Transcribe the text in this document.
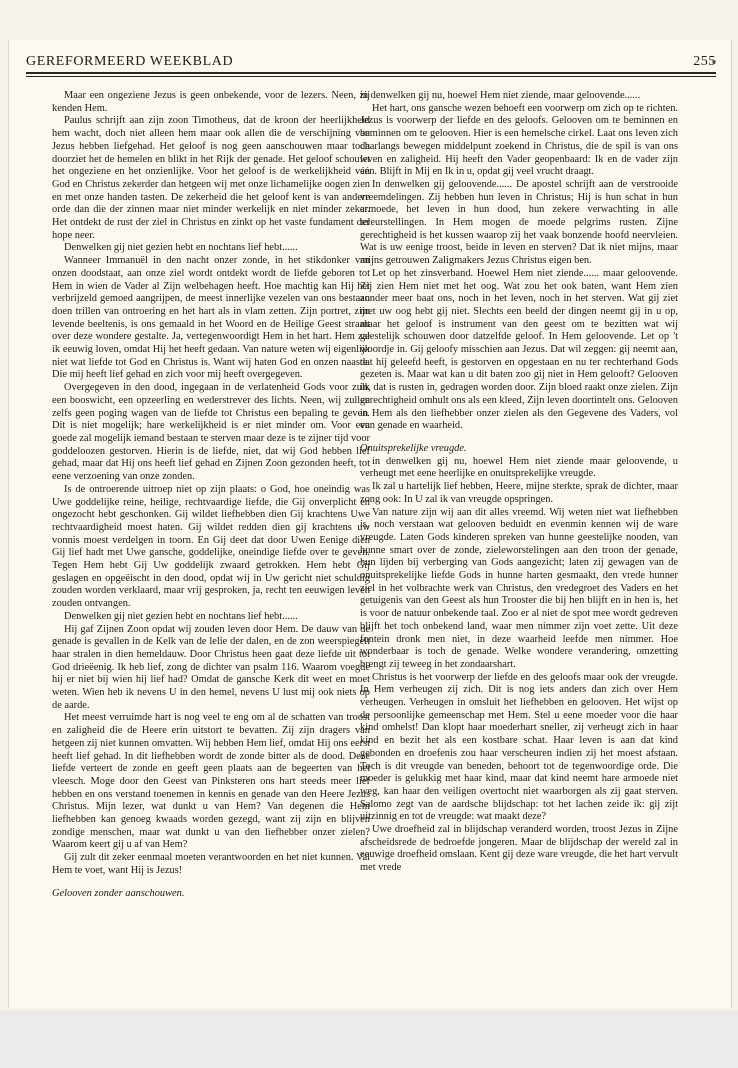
GEREFORMEERD WEEKBLAD	255

Maar een ongeziene Jezus is geen onbekende, voor de lezers. Neen, zij kenden Hem.

Paulus schrijft aan zijn zoon Timotheus, dat de kroon der heerlijkheid hem wacht, doch niet alleen hem maar ook allen die de verschijning van Jezus hebben liefgehad. Het geloof is nog geen aanschouwen maar toch doorziet het de hemelen en blikt in het Rijk der genade. Het geloof schouwt het ongeziene en het onzienlijke. Voor het geloof is de werkelijkheid van God en Christus zekerder dan hetgeen wij met onze lichamelijke oogen zien en met onze handen tasten. De zekerheid die het geloof kent is van andere orde dan die der zinnen maar niet minder werkelijk en niet minder zeker. Het ontdekt de rust der ziel in Christus en zinkt op het vaste fundament der hope neer.

Denwelken gij niet gezien hebt en nochtans lief hebt......

Wanneer Immanuël in den nacht onzer zonde, in het stikdonker van onzen doodstaat, aan onze ziel wordt ontdekt wordt de liefde geboren tot Hem in wien de Vader al Zijn welbehagen heeft. Hoe machtig kan Hij het verbrijzeld gemoed aangrijpen, de meest innerlijke vezelen van ons bestaan doen trillen van ontroering en het hart als in vlam zetten. Zijn portret, zijn levende beeltenis, is ons gemaald in het Woord en de Heilige Geest straalt over deze wondere gestalte. Ja, vertegenwoordigt Hem in het hart. Hem zal ik eeuwig loven, omdat Hij het heeft gedaan. Van nature weten wij eigenlijk niet wat liefde tot God en Christus is. Want wij haten God en onzen naaste. Die mij heeft lief gehad en zich voor mij heeft overgegeven.

Overgegeven in den dood, ingegaan in de verlatenheid Gods voor zulk een booswicht, een opzeerling en wederstrever des lichts. Neen, wij zullen zelfs geen poging wagen van de liefde tot Christus een bepaling te geven. Dit is niet mogelijk; hare werkelijkheid is er niet minder om. Voor een goede zal mogelijk iemand bestaan te sterven maar deze is te zijner tijd voor goddeloozen gestorven. Hierin is de liefde, niet, dat wij God hebben lief gehad, maar dat Hij ons heeft lief gehad en Zijnen Zoon gezonden heeft, tot eene verzoening van onze zonden.

Is de ontroerende uitroep niet op zijn plaats: o God, hoe oneindig was Uwe goddelijke reine, heilige, rechtvaardige liefde, die Gij onverplicht en ongezocht hebt geschonken. Gij wildet liefhebben dien Gij krachtens Uwe rechtvaardigheid moest haten. Gij wildet redden dien gij krachtens uw vonnis moest verdelgen in toorn. En Gij deet dat door Uwen Eenige dien Gij lief hadt met Uwe gansche, goddelijke, oneindige liefde over te geven. Tegen Hem hebt Gij Uw goddelijk zwaard getrokken. Hem hebt Gij geslagen en opgeëischt in den dood, opdat wij in Uw gericht niet schuldig zouden worden verklaard, maar vrij gesproken, ja, recht ten eeuwigen leven zouden ontvangen.

Denwelken gij niet gezien hebt en nochtans lief hebt......

Hij gaf Zijnen Zoon opdat wij zouden leven door Hem. De dauw van de genade is gevallen in de Kelk van de lelie der dalen, en de zon weerspiegelt haar stralen in dien hemeldauw. Door Christus heen gaat deze liefde uit tot God drieëenig. Ik heb lief, zong de dichter van psalm 116. Waarom voegde hij er niet bij wien hij lief had? Omdat de gansche Kerk dit weet en moet weten. Wien heb ik nevens U in den hemel, nevens U lust mij ook niets op de aarde.

Het meest verruimde hart is nog veel te eng om al de schatten van troost en zaligheid die de Heere erin uitstort te bevatten. Zij zijn dragers van hetgeen zij niet kunnen omvatten. Wij hebben Hem lief, omdat Hij ons eerst heeft lief gehad. In dit liefhebben wordt de zonde bitter als de dood. Deze liefde verteert de zonde en geeft geen plaats aan de begeerten van het vleesch. Moge door den Geest van Pinksteren ons hart steeds meer lief hebben en ons verstand toenemen in kennis en genade van den Heere Jezus Christus. Mijn lezer, wat dunkt u van Hem? Van degenen die Hem liefhebben kan genoeg kwaads worden gezegd, want zij zijn en blijven zondige menschen, maar wat dunkt u van den liefhebber onzer zielen? Waarom keert gij u af van Hem?

Gij zult dit zeker eenmaal moeten verantwoorden en het niet kunnen. Val Hem te voet, want Hij is Jezus!

Gelooven zonder aanschouwen.

in denwelken gij nu, hoewel Hem niet ziende, maar geloovende......

Het hart, ons gansche wezen behoeft een voorwerp om zich op te richten. Jezus is voorwerp der liefde en des geloofs. Gelooven om te beminnen en beminnen om te gelooven. Hier is een hemelsche cirkel. Laat ons leven zich daarlangs bewegen middelpunt zoekend in Christus, die de spil is van ons leven en zaligheid. Hij heeft den Vader geopenbaard: Ik en de vader zijn één. Blijft in Mij en Ik in u, opdat gij veel vrucht draagt.

In denwelken gij geloovende...... De apostel schrijft aan de verstrooide vreemdelingen. Zij hebben hun leven in Christus; Hij is hun schat in hun armoede, het leven in hun dood, hun zekere verwachting in alle teleurstellingen. In Hem mogen de moede pelgrims rusten. Zijne gerechtigheid is het kussen waarop zij het vaak bonzende hoofd neervleien. Wat is uw eenige troost, beide in leven en sterven? Dat ik niet mijns, maar mijns getrouwen Zaligmakers Jezus Christus eigen ben.

Let op het zinsverband. Hoewel Hem niet ziende...... maar geloovende. Zij zien Hem niet met het oog. Wat zou het ook baten, want Hem zien zonder meer baat ons, noch in het leven, noch in het sterven. Wat gij ziet met uw oog hebt gij niet. Slechts een beeld der dingen neemt gij in u op, maar het geloof is instrument van den geest om te bezitten wat wij geestelijk schouwen door datzelfde geloof. In Hem geloovende. Let op 't woordje in. Gij geloofy misschien aan Jezus. Dat wil zeggen: gij neemt aan, dat hij geleefd heeft, is gestorven en opgestaan en nu ter rechterhand Gods gezeten is. Maar wat kan u dit baten zoo gij niet in Hem gelooft? Gelooven in, dat is rusten in, gedragen worden door. Zijn bloed raakt onze zielen. Zijn gerechtigheid omhult ons als een kleed, Zijn leven doortintelt ons. Gelooven in Hem als den liefhebber onzer zielen als den Gegevene des Vaders, vol van genade en waarheid.

Onuitsprekelijke vreugde.

in denwelken gij nu, hoewel Hem niet ziende maar geloovende, u verheugt met eene heerlijke en onuitsprekelijke vreugde.

Ik zal u hartelijk lief hebben, Heere, mijne sterkte, sprak de dichter, maar zong ook: In U zal ik van vreugde opspringen.

Van nature zijn wij aan dit alles vreemd. Wij weten niet wat liefhebben is, noch verstaan wat gelooven beduidt en evenmin kennen wij de ware vreugde. Laten Gods kinderen spreken van hunne geestelijke nooden, van hunne smart over de zonde, zieleworstelingen aan den troon der genade, hun lijden bij verberging van Gods aangezicht; laten zij gewagen van de onuitsprekelijke liefde Gods in hunne harten gesmaakt, den vrede hunner ziel in het volbrachte werk van Christus, den vredegroet des Vaders en het getuigenis van den Geest als hun Trooster die bij hen blijft en in hen is, het is voor de natuur onbekende taal. Zoo er al niet de spot mee wordt gedreven blijft het toch onbekend land, waar men nimmer zijn voet zette. Uit deze fontein dronk men niet, in deze waarheid leefde men nimmer. Hoe wonderbaar is toch de genade. Welke wondere verandering, omzetting brengt zij teweeg in het zondaarshart.

Christus is het voorwerp der liefde en des geloofs maar ook der vreugde. In Hem verheugen zij zich. Dit is nog iets anders dan zich over Hem verheugen. Verheugen in omsluit het liefhebben en gelooven. Het wijst op de persoonlijke gemeenschap met Hem. Stel u eene moeder voor die haar kind omhelst! Dan klopt haar moederhart sneller, zij verheugt zich in haar kind en bezit het als een kostbare schat. Haar leven is aan dat kind gebonden en droefenis zou haar verscheuren indien zij het moest afstaan. Toch is dit vreugde van beneden, behoort tot de tegenwoordige orde. Die moeder is gelukkig met haar kind, maar dat kind neemt hare armoede niet weg, kan haar den veiligen overtocht niet waarborgen als zij gaat sterven. Salomo zegt van de aardsche blijdschap: tot het lachen zeide ik: gij zijt uitzinnig en tot de vreugde: wat maakt deze?

Uwe droefheid zal in blijdschap veranderd worden, troost Jezus in Zijne afscheidsrede de bedroefde jongeren. Maar de blijdschap der wereld zal in eeuwige droefheid omslaan. Kent gij deze ware vreugde, die het hart vervult met vrede
